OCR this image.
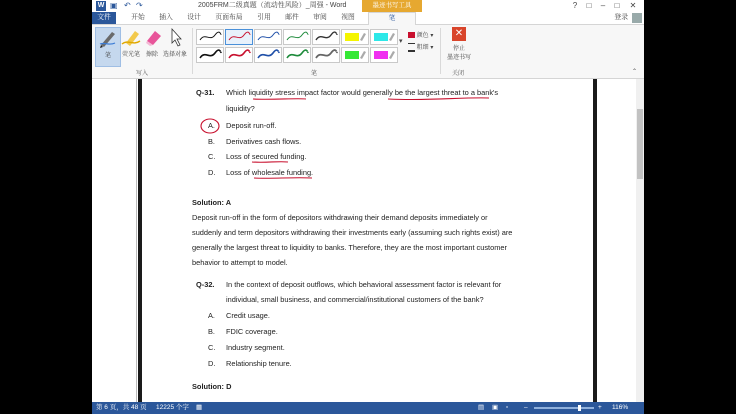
W ▣ ↶ ↷	2005FRM二级真题（流动性风险）_周强 - Word	墨迹书写工具	?	□	–	□	✕
文件	开始	插入	设计	页面布局	引用	邮件	审阅	视图	笔	登录
笔	荧光笔 擦除 选择对象
写入
▾
笔
颜色 ▾
粗细 ▾
✕
停止
墨迹书写
关闭	⌃
Q-31. Which liquidity stress impact factor would generally be the largest threat to a bank's
liquidity?
A. Deposit run-off.
B. Derivatives cash flows.
C. Loss of secured funding.
D. Loss of wholesale funding.
Solution: A
Deposit run-off in the form of depositors withdrawing their demand deposits immediately or
suddenly and term depositors withdrawing their investments early (assuming such rights exist) are
generally the largest threat to liquidity to banks. Therefore, they are the most important customer
behavior to attempt to model.
Q-32. In the context of deposit outflows, which behavioral assessment factor is relevant for
individual, small business, and commercial/institutional customers of the bank?
A. Credit usage.
B. FDIC coverage.
C. Industry segment.
D. Relationship tenure.
Solution: D
第 6 页，共 48 页 12225 个字 ▦	▤ ▣ ▫ –	+ 116%
